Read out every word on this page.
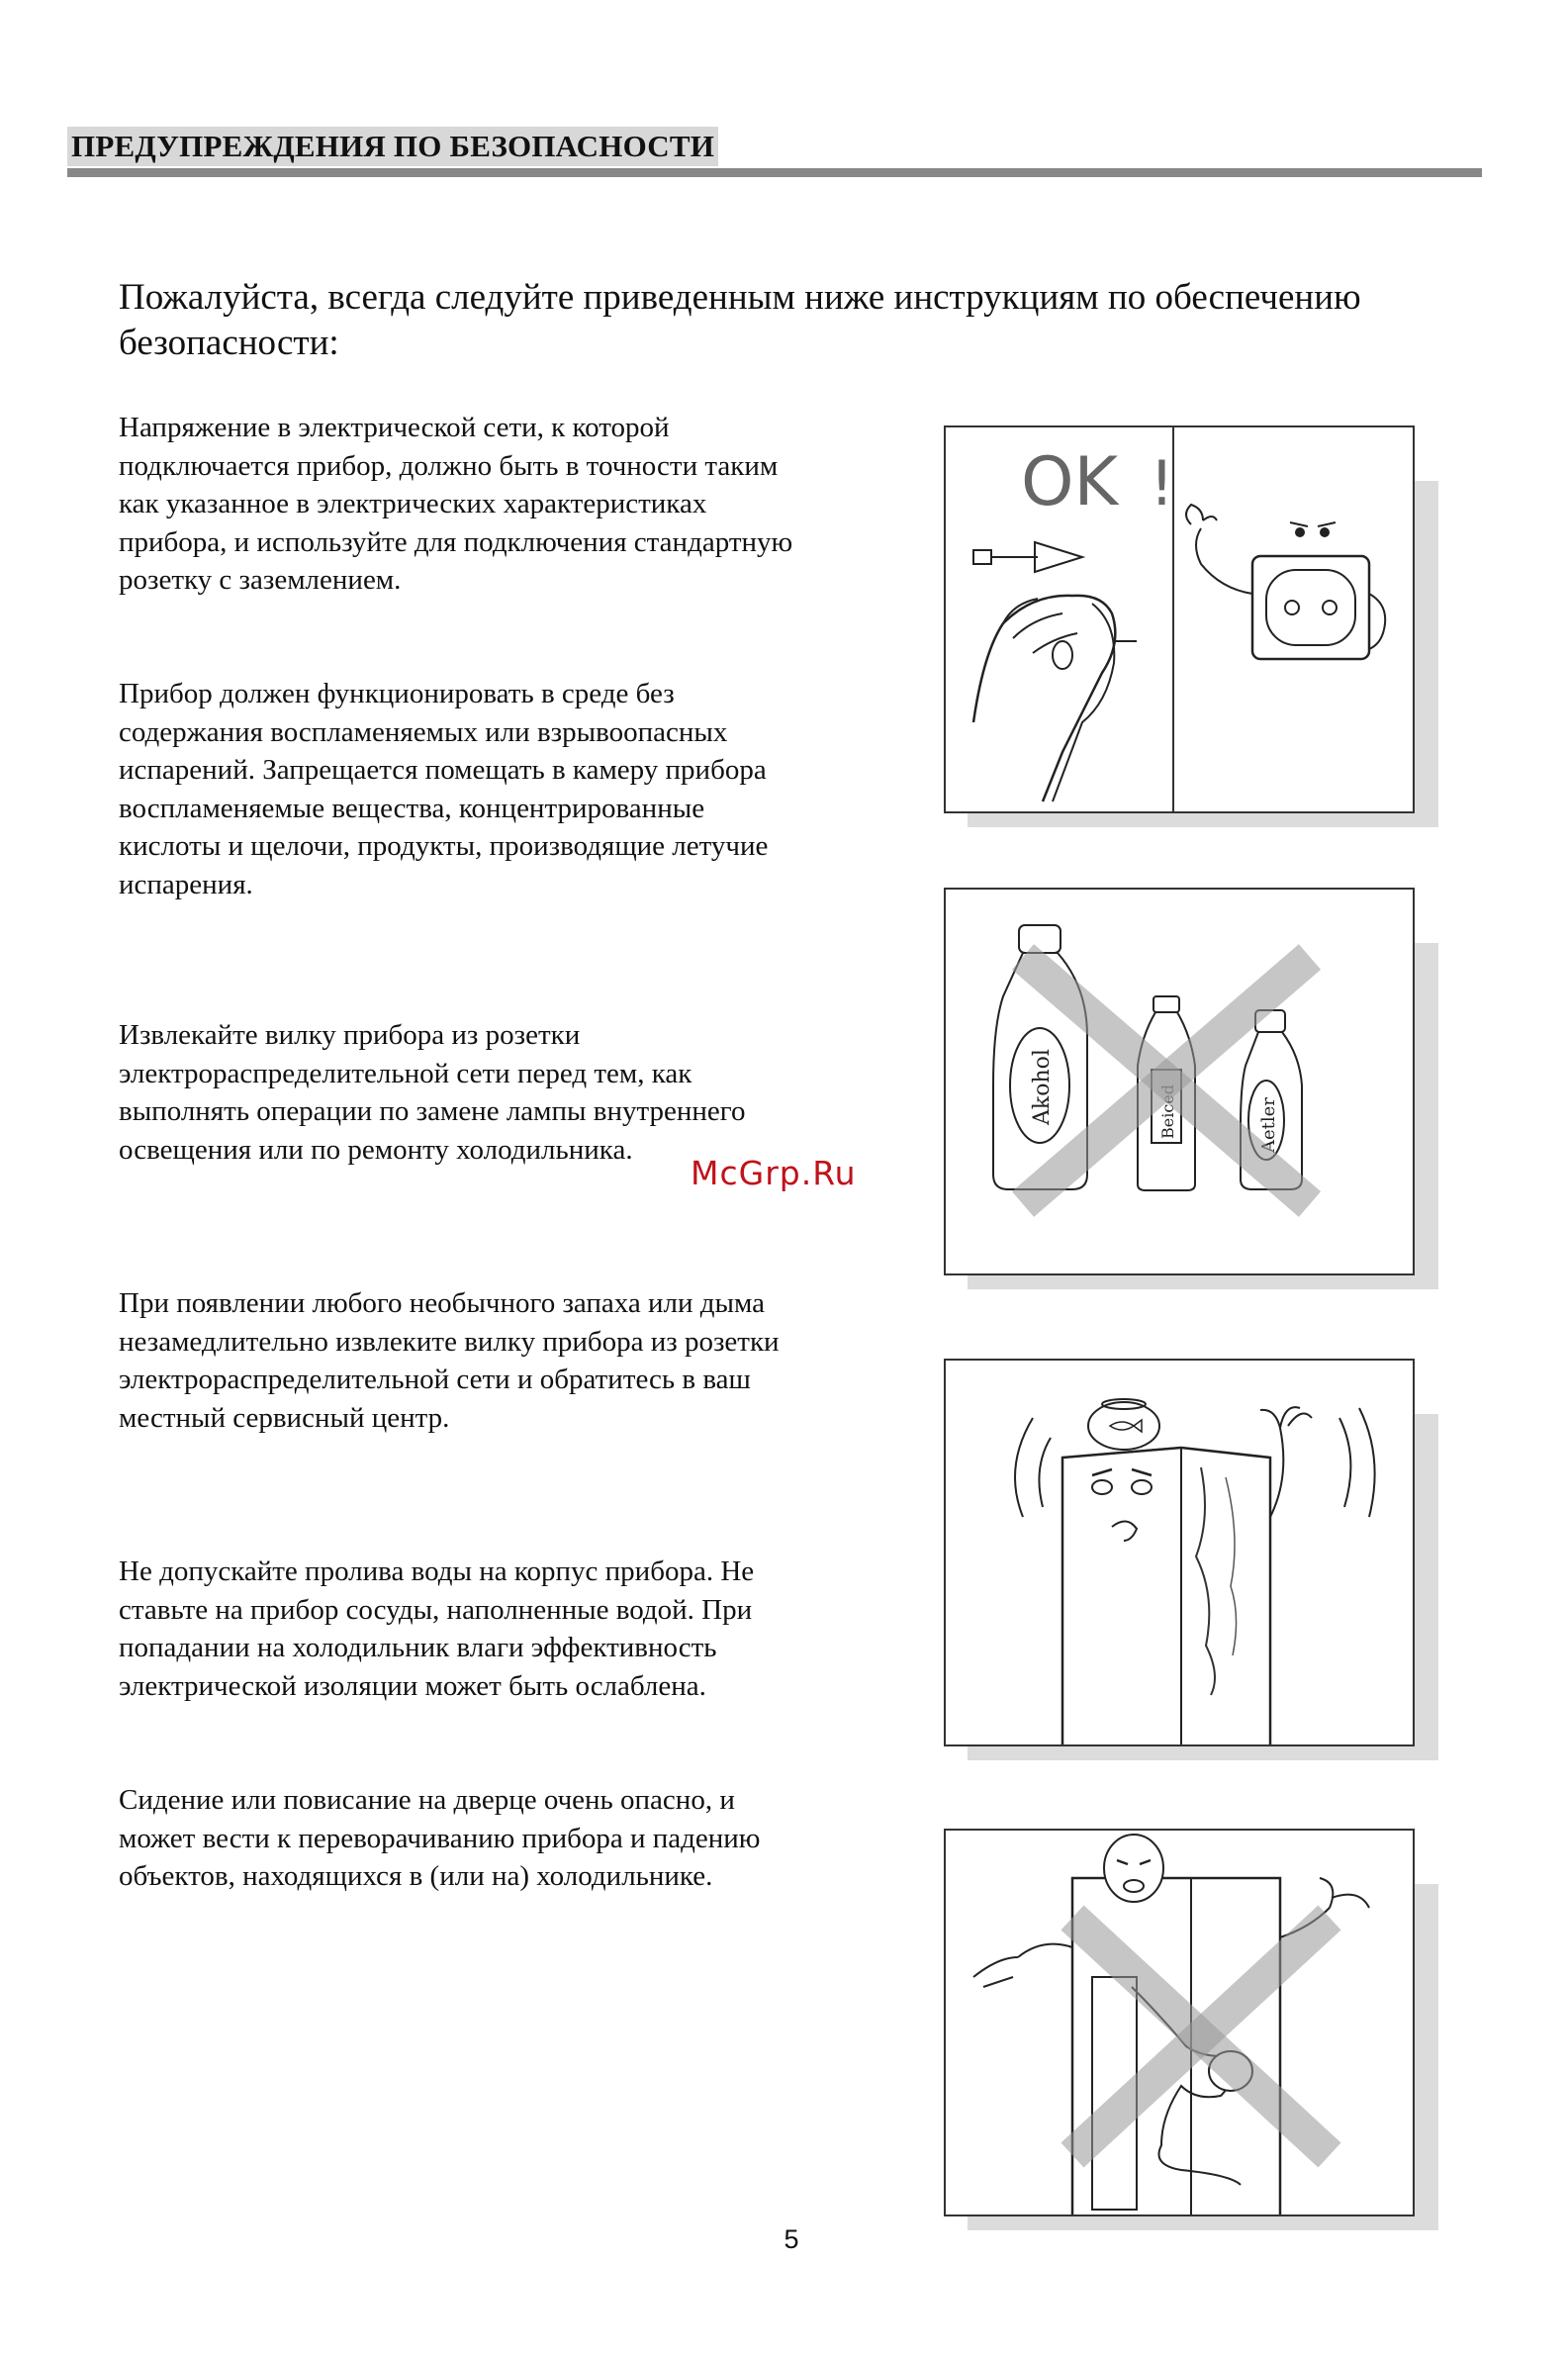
ПРЕДУПРЕЖДЕНИЯ ПО БЕЗОПАСНОСТИ
Пожалуйста, всегда следуйте приведенным ниже инструкциям по обеспечению безопасности:
Напряжение в электрической сети, к которой
подключается прибор, должно быть в точности таким
как указанное в электрических характеристиках
прибора, и используйте для подключения стандартную
розетку с заземлением.
Прибор должен функционировать в среде без
содержания воспламеняемых или взрывоопасных
испарений. Запрещается помещать в камеру прибора
воспламеняемые вещества, концентрированные
кислоты и щелочи, продукты, производящие летучие
испарения.
Извлекайте вилку прибора из розетки
электрораспределительной сети перед тем, как
выполнять операции по замене лампы внутреннего
освещения или по ремонту холодильника.
При появлении любого необычного запаха или дыма
незамедлительно извлеките вилку прибора из розетки
электрораспределительной сети и обратитесь в ваш
местный сервисный центр.
Не допускайте пролива воды на корпус прибора. Не
ставьте на прибор сосуды, наполненные водой. При
попадании на холодильник влаги эффективность
электрической изоляции может быть ослаблена.
Сидение или повисание на дверце очень опасно, и
может вести к переворачиванию прибора и падению
объектов, находящихся в (или на) холодильнике.
McGrp.Ru
OK !
Akohol	Beiced	Aetler
5
